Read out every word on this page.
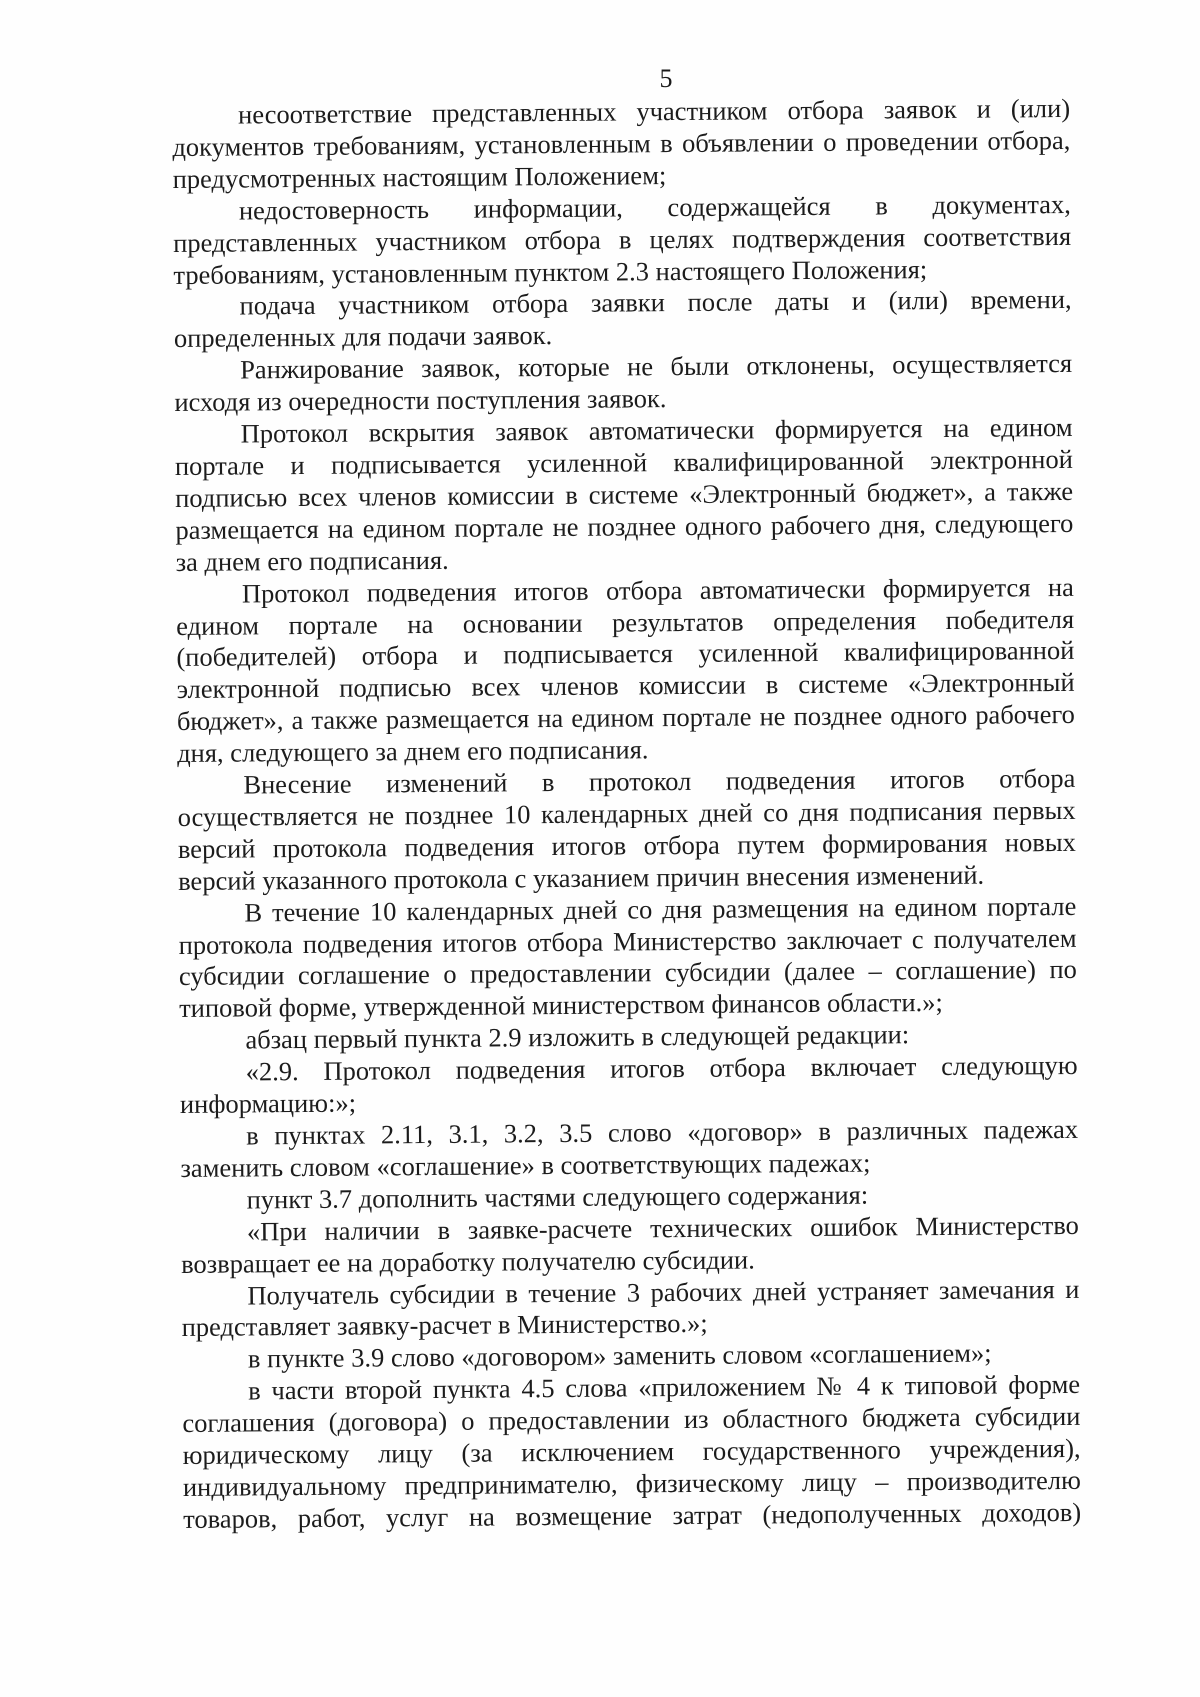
5

несоответствие представленных участником отбора заявок и (или) документов требованиям, установленным в объявлении о проведении отбора, предусмотренных настоящим Положением;

недостоверность информации, содержащейся в документах, представленных участником отбора в целях подтверждения соответствия требованиям, установленным пунктом 2.3 настоящего Положения;

подача участником отбора заявки после даты и (или) времени, определенных для подачи заявок.

Ранжирование заявок, которые не были отклонены, осуществляется исходя из очередности поступления заявок.

Протокол вскрытия заявок автоматически формируется на едином портале и подписывается усиленной квалифицированной электронной подписью всех членов комиссии в системе «Электронный бюджет», а также размещается на едином портале не позднее одного рабочего дня, следующего за днем его подписания.

Протокол подведения итогов отбора автоматически формируется на едином портале на основании результатов определения победителя (победителей) отбора и подписывается усиленной квалифицированной электронной подписью всех членов комиссии в системе «Электронный бюджет», а также размещается на едином портале не позднее одного рабочего дня, следующего за днем его подписания.

Внесение изменений в протокол подведения итогов отбора осуществляется не позднее 10 календарных дней со дня подписания первых версий протокола подведения итогов отбора путем формирования новых версий указанного протокола с указанием причин внесения изменений.

В течение 10 календарных дней со дня размещения на едином портале протокола подведения итогов отбора Министерство заключает с получателем субсидии соглашение о предоставлении субсидии (далее – соглашение) по типовой форме, утвержденной министерством финансов области.»;

абзац первый пункта 2.9 изложить в следующей редакции:

«2.9. Протокол подведения итогов отбора включает следующую информацию:»;

в пунктах 2.11, 3.1, 3.2, 3.5 слово «договор» в различных падежах заменить словом «соглашение» в соответствующих падежах;

пункт 3.7 дополнить частями следующего содержания:

«При наличии в заявке-расчете технических ошибок Министерство возвращает ее на доработку получателю субсидии.

Получатель субсидии в течение 3 рабочих дней устраняет замечания и представляет заявку-расчет в Министерство.»;

в пункте 3.9 слово «договором» заменить словом «соглашением»;

в части второй пункта 4.5 слова «приложением № 4 к типовой форме соглашения (договора) о предоставлении из областного бюджета субсидии юридическому лицу (за исключением государственного учреждения), индивидуальному предпринимателю, физическому лицу – производителю товаров, работ, услуг на возмещение затрат (недополученных доходов)
